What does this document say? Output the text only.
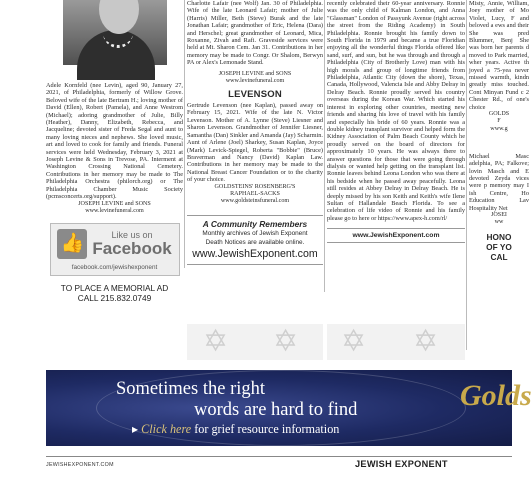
Adele Kornfeld (nee Levin), aged 90, January 27, 2021, of Philadelphia, formerly of Willow Grove. Beloved wife of the late Bertram H.; loving mother of David (Ellen), Robert (Pamela), and Anne Westrom (Michael); adoring grandmother of Julie, Billy (Heather), Danny, Elizabeth, Rebecca, and Jacqueline; devoted sister of Freda Segal and aunt to many loving nieces and nephews. She loved music, art and loved to cook for family and friends. Funeral services were held Wednesday, February 3, 2021 at Joseph Levine & Sons in Trevose, PA. Interment at Washington Crossing National Cemetery. Contributions in her memory may be made to The Philadelphia Orchestra (philorch.org) or The Philadelphia Chamber Music Society (pcmsconcerts.org/support).

JOSEPH LEVINE and SONS
www.levinefuneral.com
👍	Like us on
Facebook
facebook.com/jewishexponent
TO PLACE A MEMORIAL AD
CALL 215.832.0749

Charlotte Lafair (nee Wolf) Jan. 30 of Philadelphia. Wife of the late Leonard Lafair; mother of Julie (Harris) Miller, Beth (Steve) Burak and the late Jonathan Lafair; grandmother of Eric, Helena (Dara) and Herschel; great grandmother of Leonard, Mica, Roxanne, Zivah and Rafi. Graveside services were held at Mt. Sharon Cem. Jan 31. Contributions in her memory may be made to Congr. Or Shalom, Berwyn PA or Alex's Lemonade Stand.

JOSEPH LEVINE and SONS
www.levinefuneral.com
LEVENSON

Gertrude Levenson (nee Kaplan), passed away on February 15, 2021. Wife of the late N. Victor Levenson. Mother of A. Lynne (Steve) Liesner and Sharon Levenson. Grandmother of Jennifer Liesner, Samantha (Dan) Sinkler and Amanda (Jay) Scharmin. Aunt of Arlene (Joel) Sharkey, Susan Kaplan, Joyce (Mark) Levick-Spiegel, Roberta "Bobbie" (Bruce) Braverman and Nancy (David) Kaplan Law. Contributions in her memory may be made to the National Breast Cancer Foundation or to the charity of your choice.

GOLDSTEINS' ROSENBERG'S
RAPHAEL-SACKS
www.goldsteinsfuneral.com
A Community Remembers
Monthly archives of Jewish Exponent
Death Notices are available online.
www.JewishExponent.com

recently celebrated their 60-year anniversary. Ronnie was the only child of Kalman London, and Anna "Glassman" London of Passyunk Avenue (right across the street from the Riding Academy) in South Philadelphia. Ronnie brought his family down to South Florida in 1979 and became a true Floridian enjoying all the wonderful things Florida offered like sand, surf, and sun, but he was through and through a Philadelphia (City of Brotherly Love) man with his high morals and group of longtime friends from Philadelphia, Atlantic City (down the shore), Texas, Canada, Hollywood, Valencia Isle and Abby Delray in Delray Beach. Ronnie proudly served his country overseas during the Korean War. Which started his interest in exploring other countries, meeting new friends and sharing his love of travel with his family and especially his bride of 60 years. Ronnie was a double kidney transplant survivor and helped form the Kidney Association of Palm Beach County which he proudly served on the board of directors for approximately 10 years. He was always there to answer questions for those that were going through dialysis or wanted help getting on the transplant list. Ronnie leaves behind Leona London who was there at his bedside when he passed away peacefully. Leona still resides at Abbey Delray in Delray Beach. He is deeply missed by his son Keith and Keith's wife Ilene Sultan of Hallandale Beach Florida. To see a celebration of life video of Ronnie and his family please go to here or https://www.apex-h.com/rl/

www.JewishExponent.com

Misty, Annie, William, Joey mother of Mo Violet, Lucy, F and beloved a ews and their She was pred Blummer, Benj She was born her parents d moved to Park married, wher years. Active th joyed a 75-yea never missed warmth, kindn greatly miss touched. Cont Minyan Fund c 2 Chester Rd., of one's choice

GOLDS
F
www.g

Michael Masc adelphia, PA; Falkove; lovin Masch and E devoted Zeyda vices were p memory may I ish Centre, Ho Education Lav Hospitality Net

JOSEI
ww
HONO
OF YO
CAL
✡ ✡ ✡ ✡
Sometimes the right
words are hard to find
▸ Click here for grief resource information
Golds
JEWISHEXPONENT.COM	JEWISH EXPONENT
